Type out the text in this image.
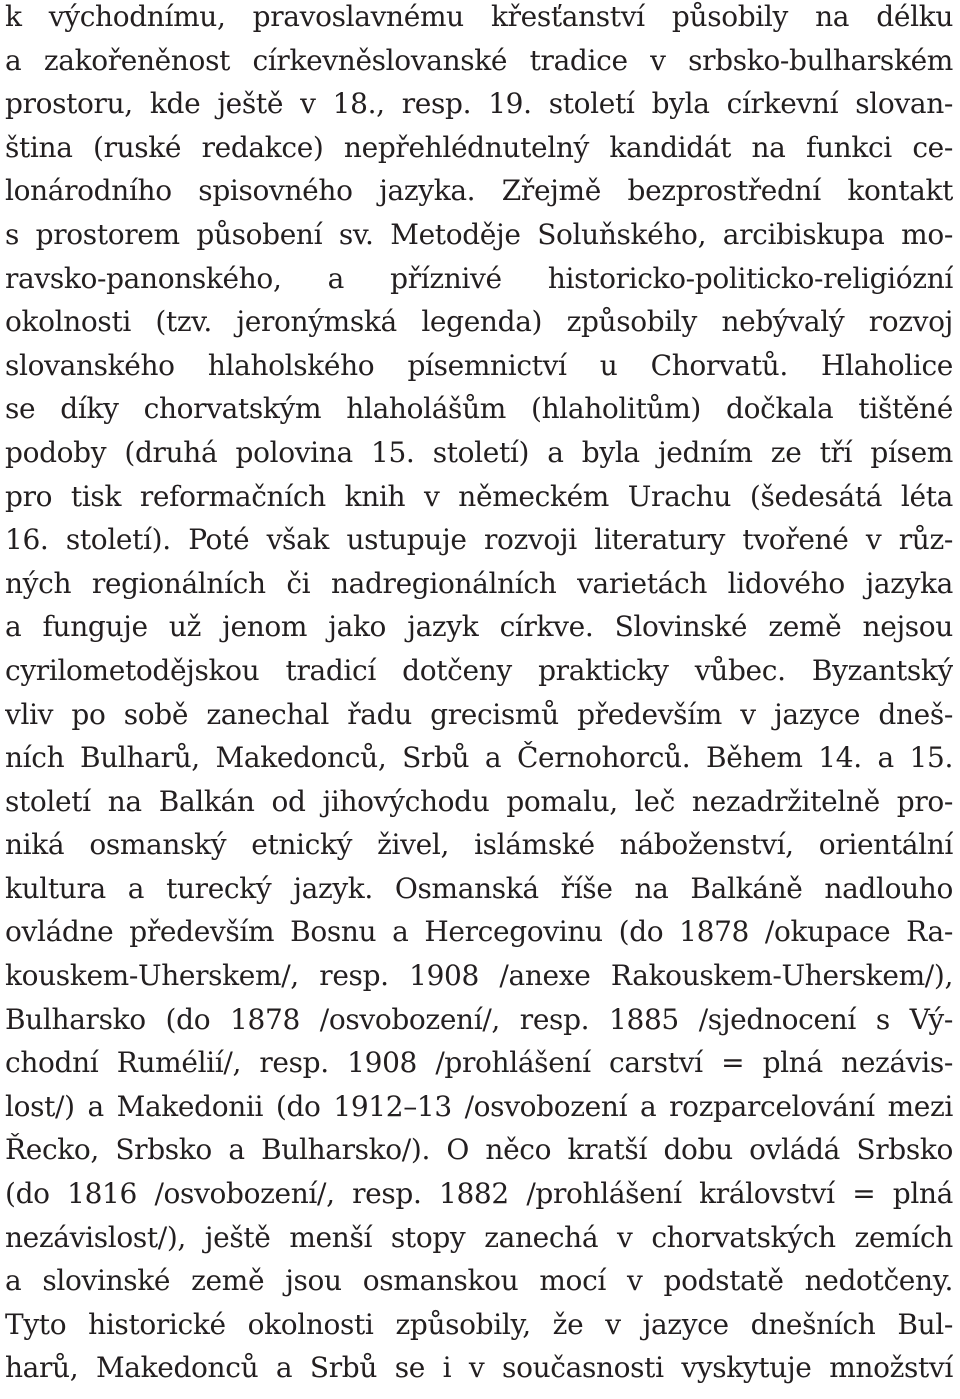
k východnímu, pravoslavnému křesťanství působily na délku
a zakořeněnost církevněslovanské tradice v srbsko-bulharském
prostoru, kde ještě v 18., resp. 19. století byla církevní slovan-
ština (ruské redakce) nepřehlédnutelný kandidát na funkci ce-
lonárodního spisovného jazyka. Zřejmě bezprostřední kontakt
s prostorem působení sv. Metoděje Soluňského, arcibiskupa mo-
ravsko-panonského, a příznivé historicko-politicko-religiózní
okolnosti (tzv. jeronýmská legenda) způsobily nebývalý rozvoj
slovanského hlaholského písemnictví u Chorvatů. Hlaholice
se díky chorvatským hlaholášům (hlaholitům) dočkala tištěné
podoby (druhá polovina 15. století) a byla jedním ze tří písem
pro tisk reformačních knih v německém Urachu (šedesátá léta
16. století). Poté však ustupuje rozvoji literatury tvořené v růz-
ných regionálních či nadregionálních varietách lidového jazyka
a funguje už jenom jako jazyk církve. Slovinské země nejsou
cyrilometodějskou tradicí dotčeny prakticky vůbec. Byzantský
vliv po sobě zanechal řadu grecismů především v jazyce dneš-
ních Bulharů, Makedonců, Srbů a Černohorců. Během 14. a 15.
století na Balkán od jihovýchodu pomalu, leč nezadržitelně pro-
niká osmanský etnický živel, islámské náboženství, orientální
kultura a turecký jazyk. Osmanská říše na Balkáně nadlouho
ovládne především Bosnu a Hercegovinu (do 1878 /okupace Ra-
kouskem-Uherskem/, resp. 1908 /anexe Rakouskem-Uherskem/),
Bulharsko (do 1878 /osvobození/, resp. 1885 /sjednocení s Vý-
chodní Rumélií/, resp. 1908 /prohlášení carství = plná nezávis-
lost/) a Makedonii (do 1912–13 /osvobození a rozparcelování mezi
Řecko, Srbsko a Bulharsko/). O něco kratší dobu ovládá Srbsko
(do 1816 /osvobození/, resp. 1882 /prohlášení království = plná
nezávislost/), ještě menší stopy zanechá v chorvatských zemích
a slovinské země jsou osmanskou mocí v podstatě nedotčeny.
Tyto historické okolnosti způsobily, že v jazyce dnešních Bul-
harů, Makedonců a Srbů se i v současnosti vyskytuje množství
